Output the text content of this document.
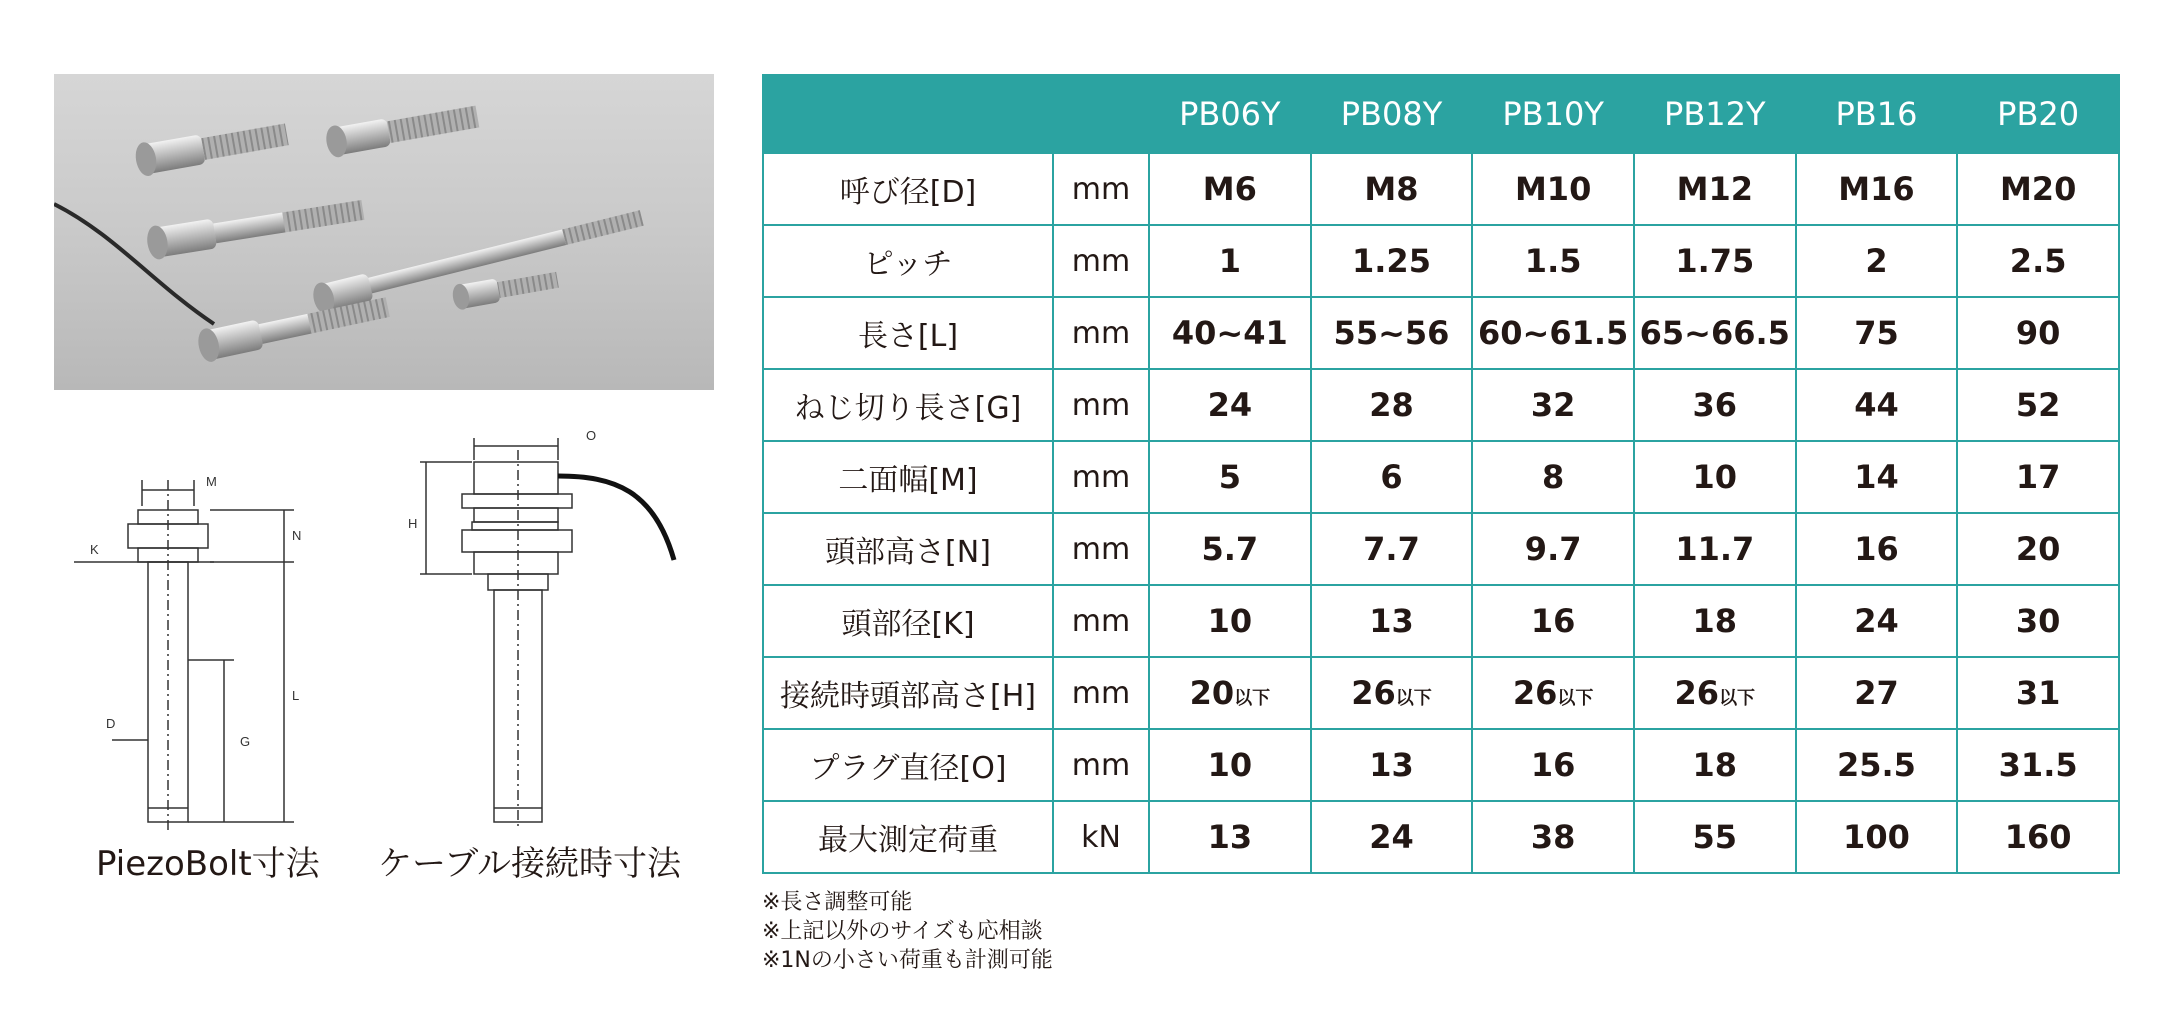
M
N
K
L
D
G
O
H
PiezoBolt寸法 ケーブル接続時寸法
		PB06Y	PB08Y	PB10Y	PB12Y	PB16	PB20
呼び径[D]	mm	M6	M8	M10	M12	M16	M20
ピッチ	mm	1	1.25	1.5	1.75	2	2.5
長さ[L]	mm	40~41	55~56	60~61.5	65~66.5	75	90
ねじ切り長さ[G]	mm	24	28	32	36	44	52
二面幅[M]	mm	5	6	8	10	14	17
頭部高さ[N]	mm	5.7	7.7	9.7	11.7	16	20
頭部径[K]	mm	10	13	16	18	24	30
接続時頭部高さ[H]	mm	20以下	26以下	26以下	26以下	27	31
プラグ直径[O]	mm	10	13	16	18	25.5	31.5
最大測定荷重	kN	13	24	38	55	100	160
※長さ調整可能
※上記以外のサイズも応相談
※1Nの小さい荷重も計測可能
